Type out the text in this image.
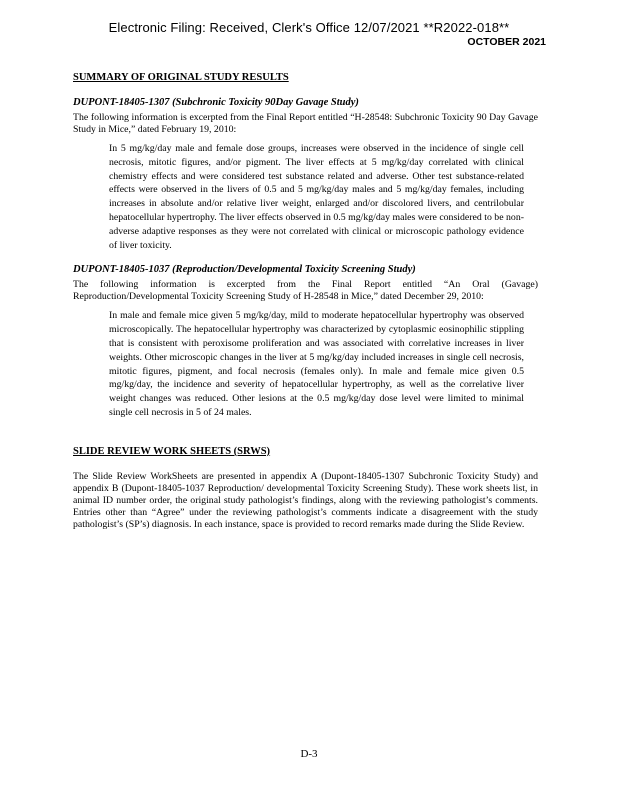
Electronic Filing: Received, Clerk's Office 12/07/2021 **R2022-018**
OCTOBER 2021
SUMMARY OF ORIGINAL STUDY RESULTS
DUPONT-18405-1307 (Subchronic Toxicity 90Day Gavage Study)

The following information is excerpted from the Final Report entitled “H-28548: Subchronic Toxicity 90 Day Gavage Study in Mice,” dated February 19, 2010:

In 5 mg/kg/day male and female dose groups, increases were observed in the incidence of single cell necrosis, mitotic figures, and/or pigment. The liver effects at 5 mg/kg/day correlated with clinical chemistry effects and were considered test substance related and adverse. Other test substance-related effects were observed in the livers of 0.5 and 5 mg/kg/day males and 5 mg/kg/day females, including increases in absolute and/or relative liver weight, enlarged and/or discolored livers, and centrilobular hepatocellular hypertrophy. The liver effects observed in 0.5 mg/kg/day males were considered to be non-adverse adaptive responses as they were not correlated with clinical or microscopic pathology evidence of liver toxicity.

DUPONT-18405-1037 (Reproduction/Developmental Toxicity Screening Study)

The following information is excerpted from the Final Report entitled “An Oral (Gavage) Reproduction/Developmental Toxicity Screening Study of H-28548 in Mice,” dated December 29, 2010:

In male and female mice given 5 mg/kg/day, mild to moderate hepatocellular hypertrophy was observed microscopically. The hepatocellular hypertrophy was characterized by cytoplasmic eosinophilic stippling that is consistent with peroxisome proliferation and was associated with correlative increases in liver weights. Other microscopic changes in the liver at 5 mg/kg/day included increases in single cell necrosis, mitotic figures, pigment, and focal necrosis (females only). In male and female mice given 0.5 mg/kg/day, the incidence and severity of hepatocellular hypertrophy, as well as the correlative liver weight changes was reduced. Other lesions at the 0.5 mg/kg/day dose level were limited to minimal single cell necrosis in 5 of 24 males.

SLIDE REVIEW WORK SHEETS (SRWS)

The Slide Review WorkSheets are presented in appendix A (Dupont-18405-1307 Subchronic Toxicity Study) and appendix B (Dupont-18405-1037 Reproduction/ developmental Toxicity Screening Study). These work sheets list, in animal ID number order, the original study pathologist’s findings, along with the reviewing pathologist’s comments. Entries other than “Agree” under the reviewing pathologist’s comments indicate a disagreement with the study pathologist’s (SP’s) diagnosis. In each instance, space is provided to record remarks made during the Slide Review.

D-3
